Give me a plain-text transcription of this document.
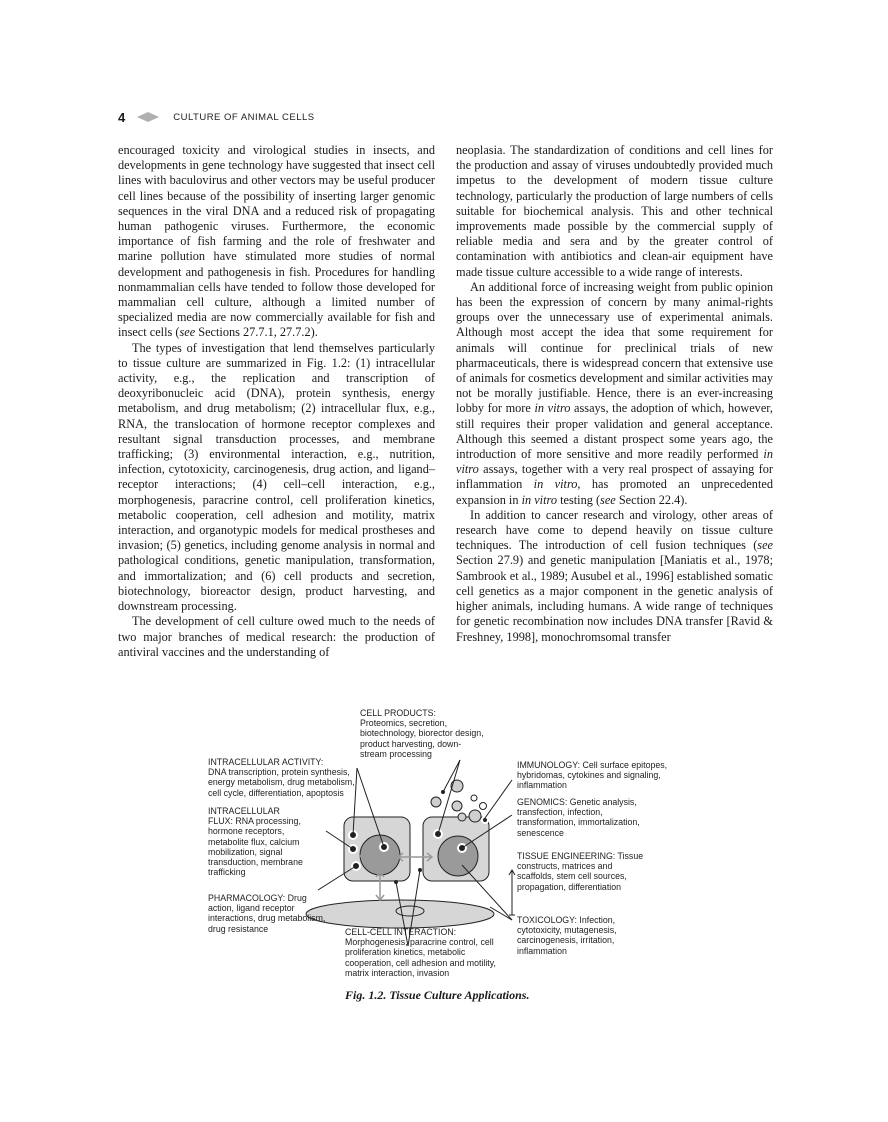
4	CULTURE OF ANIMAL CELLS

encouraged toxicity and virological studies in insects, and developments in gene technology have suggested that insect cell lines with baculovirus and other vectors may be useful producer cell lines because of the possibility of inserting larger genomic sequences in the viral DNA and a reduced risk of propagating human pathogenic viruses. Furthermore, the economic importance of fish farming and the role of freshwater and marine pollution have stimulated more studies of normal development and pathogenesis in fish. Procedures for handling nonmammalian cells have tended to follow those developed for mammalian cell culture, although a limited number of specialized media are now commercially available for fish and insect cells (see Sections 27.7.1, 27.7.2).

The types of investigation that lend themselves particularly to tissue culture are summarized in Fig. 1.2: (1) intracellular activity, e.g., the replication and transcription of deoxyribonucleic acid (DNA), protein synthesis, energy metabolism, and drug metabolism; (2) intracellular flux, e.g., RNA, the translocation of hormone receptor complexes and resultant signal transduction processes, and membrane trafficking; (3) environmental interaction, e.g., nutrition, infection, cytotoxicity, carcinogenesis, drug action, and ligand–receptor interactions; (4) cell–cell interaction, e.g., morphogenesis, paracrine control, cell proliferation kinetics, metabolic cooperation, cell adhesion and motility, matrix interaction, and organotypic models for medical prostheses and invasion; (5) genetics, including genome analysis in normal and pathological conditions, genetic manipulation, transformation, and immortalization; and (6) cell products and secretion, biotechnology, bioreactor design, product harvesting, and downstream processing.

The development of cell culture owed much to the needs of two major branches of medical research: the production of antiviral vaccines and the understanding of

neoplasia. The standardization of conditions and cell lines for the production and assay of viruses undoubtedly provided much impetus to the development of modern tissue culture technology, particularly the production of large numbers of cells suitable for biochemical analysis. This and other technical improvements made possible by the commercial supply of reliable media and sera and by the greater control of contamination with antibiotics and clean-air equipment have made tissue culture accessible to a wide range of interests.

An additional force of increasing weight from public opinion has been the expression of concern by many animal-rights groups over the unnecessary use of experimental animals. Although most accept the idea that some requirement for animals will continue for preclinical trials of new pharmaceuticals, there is widespread concern that extensive use of animals for cosmetics development and similar activities may not be morally justifiable. Hence, there is an ever-increasing lobby for more in vitro assays, the adoption of which, however, still requires their proper validation and general acceptance. Although this seemed a distant prospect some years ago, the introduction of more sensitive and more readily performed in vitro assays, together with a very real prospect of assaying for inflammation in vitro, has promoted an unprecedented expansion in in vitro testing (see Section 22.4).

In addition to cancer research and virology, other areas of research have come to depend heavily on tissue culture techniques. The introduction of cell fusion techniques (see Section 27.9) and genetic manipulation [Maniatis et al., 1978; Sambrook et al., 1989; Ausubel et al., 1996] established somatic cell genetics as a major component in the genetic analysis of higher animals, including humans. A wide range of techniques for genetic recombination now includes DNA transfer [Ravid & Freshney, 1998], monochromsomal transfer

CELL PRODUCTS:
Proteomics, secretion,
biotechnology, biorector design,
product harvesting, down-
stream processing
INTRACELLULAR ACTIVITY:
DNA transcription, protein synthesis,
energy metabolism, drug metabolism,
cell cycle, differentiation, apoptosis
INTRACELLULAR
FLUX: RNA processing,
hormone receptors,
metabolite flux, calcium
mobilization, signal
transduction, membrane
trafficking
PHARMACOLOGY: Drug
action, ligand receptor
interactions, drug metabolism,
drug resistance
IMMUNOLOGY: Cell surface epitopes,
hybridomas, cytokines and signaling,
inflammation
GENOMICS: Genetic analysis,
transfection, infection,
transformation, immortalization,
senescence
TISSUE ENGINEERING: Tissue
constructs, matrices and
scaffolds, stem cell sources,
propagation, differentiation
TOXICOLOGY: Infection,
cytotoxicity, mutagenesis,
carcinogenesis, irritation,
inflammation
CELL-CELL INTERACTION:
Morphogenesis, paracrine control, cell
proliferation kinetics, metabolic
cooperation, cell adhesion and motility,
matrix interaction, invasion
Fig. 1.2. Tissue Culture Applications.
